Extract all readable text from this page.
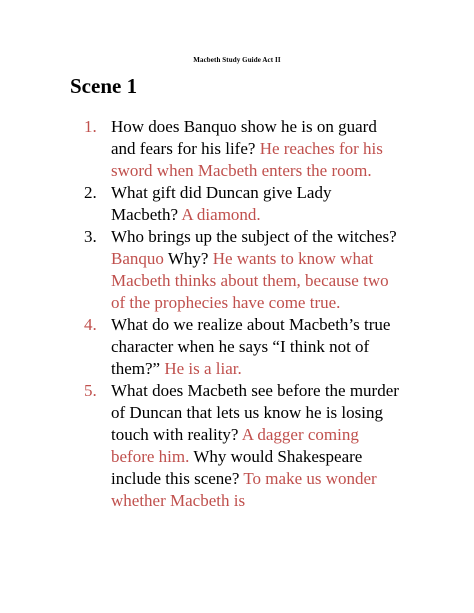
Macbeth Study Guide Act II
Scene 1
1. How does Banquo show he is on guard and fears for his life? He reaches for his sword when Macbeth enters the room.
2. What gift did Duncan give Lady Macbeth? A diamond.
3. Who brings up the subject of the witches? Banquo Why? He wants to know what Macbeth thinks about them, because two of the prophecies have come true.
4. What do we realize about Macbeth’s true character when he says “I think not of them?” He is a liar.
5. What does Macbeth see before the murder of Duncan that lets us know he is losing touch with reality? A dagger coming before him. Why would Shakespeare include this scene? To make us wonder whether Macbeth is
